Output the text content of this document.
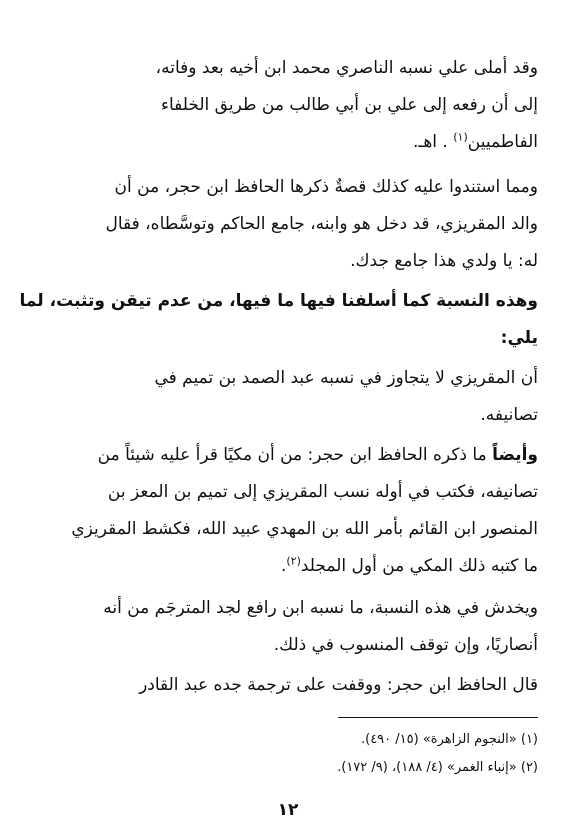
وقد أملى علي نسبه الناصري محمد ابن أخيه بعد وفاته،
إلى أن رفعه إلى علي بن أبي طالب من طريق الخلفاء
الفاطميين$^{(١)}$ . اهـ.
ومما استندوا عليه كذلك قصةٌ ذكرها الحافظ ابن حجر، من أن
والد المقريزي، قد دخل هو وابنه، جامع الحاكم وتوسَّطاه، فقال
له: يا ولدي هذا جامع جدك.
وهذه النسبة كما أسلفنا فيها ما فيها، من عدم تيقن وتثبت، لما
يلي:
أن المقريزي لا يتجاوز في نسبه عبد الصمد بن تميم في
تصانيفه.
وأيضاً ما ذكره الحافظ ابن حجر: من أن مكيًا قرأ عليه شيئاً من
تصانيفه، فكتب في أوله نسب المقريزي إلى تميم بن المعز بن
المنصور ابن القائم بأمر الله بن المهدي عبيد الله، فكشط المقريزي
ما كتبه ذلك المكي من أول المجلد$^{(٢)}$.
ويخدش في هذه النسبة، ما نسبه ابن رافع لجد المترجَم من أنه
أنصاريًا، وإن توقف المنسوب في ذلك.
قال الحافظ ابن حجر: ووقفت على ترجمة جده عبد القادر
(١) «النجوم الزاهرة» (١٥/ ٤٩٠).
(٢) «إنباء الغمر» (٤/ ١٨٨)، (٩/ ١٧٢).
١٢
